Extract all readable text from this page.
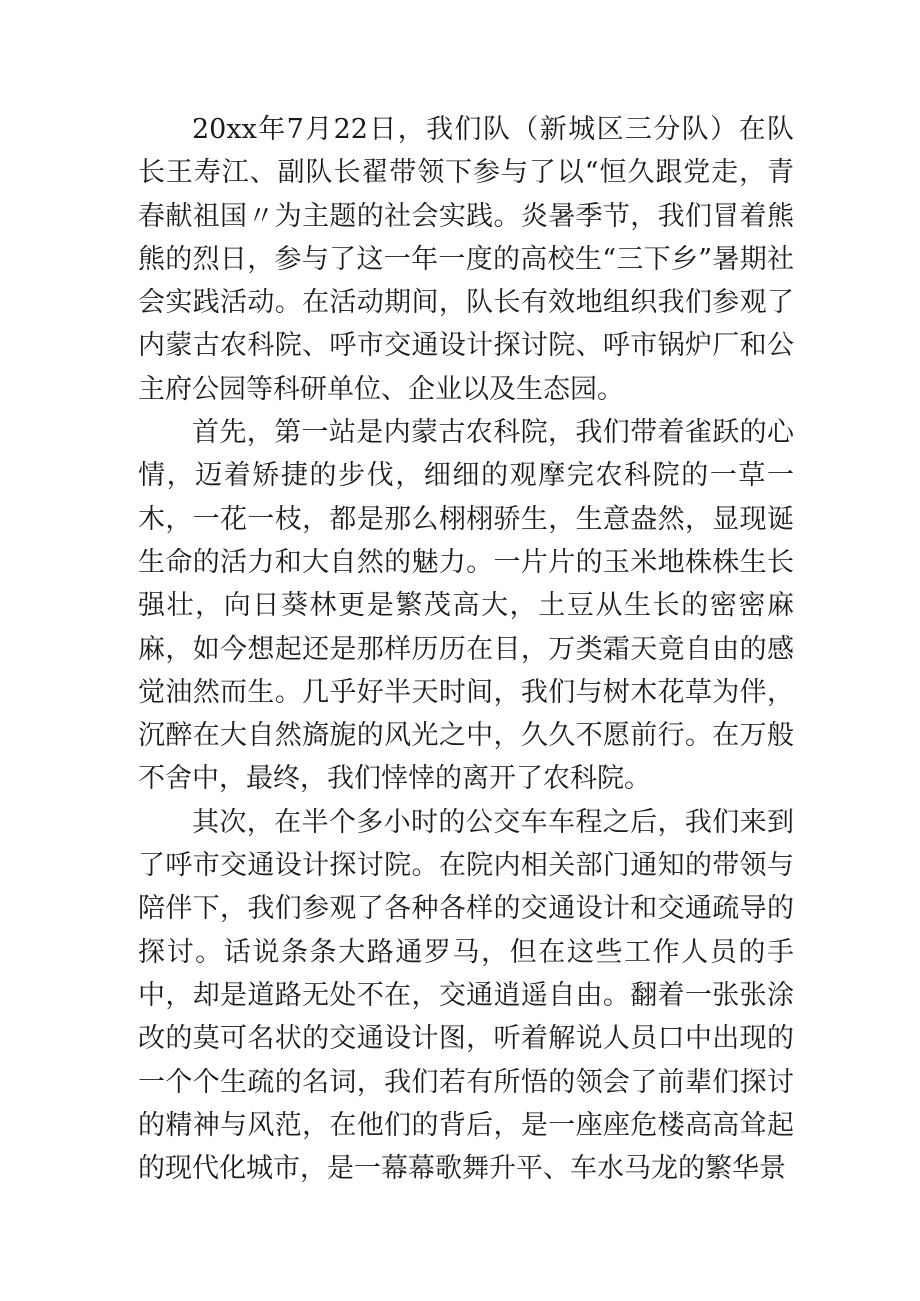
20xx年7月22日，我们队（新城区三分队）在队长王寿江、副队长翟带领下参与了以“恒久跟党走，青春献祖国〃为主题的社会实践。炎暑季节，我们冒着熊熊的烈日，参与了这一年一度的高校生“三下乡”暑期社会实践活动。在活动期间，队长有效地组织我们参观了内蒙古农科院、呼市交通设计探讨院、呼市锅炉厂和公主府公园等科研单位、企业以及生态园。

首先，第一站是内蒙古农科院，我们带着雀跃的心情，迈着矫捷的步伐，细细的观摩完农科院的一草一木，一花一枝，都是那么栩栩骄生，生意盎然，显现诞生命的活力和大自然的魅力。一片片的玉米地株株生长强壮，向日葵林更是繁茂高大，土豆从生长的密密麻麻，如今想起还是那样历历在目，万类霜天竟自由的感觉油然而生。几乎好半天时间，我们与树木花草为伴，沉醉在大自然旖旎的风光之中，久久不愿前行。在万般不舍中，最终，我们悻悻的离开了农科院。

其次，在半个多小时的公交车车程之后，我们来到了呼市交通设计探讨院。在院内相关部门通知的带领与陪伴下，我们参观了各种各样的交通设计和交通疏导的探讨。话说条条大路通罗马，但在这些工作人员的手中，却是道路无处不在，交通逍遥自由。翻着一张张涂改的莫可名状的交通设计图，听着解说人员口中出现的一个个生疏的名词，我们若有所悟的领会了前辈们探讨的精神与风范，在他们的背后，是一座座危楼高高耸起的现代化城市，是一幕幕歌舞升平、车水马龙的繁华景
